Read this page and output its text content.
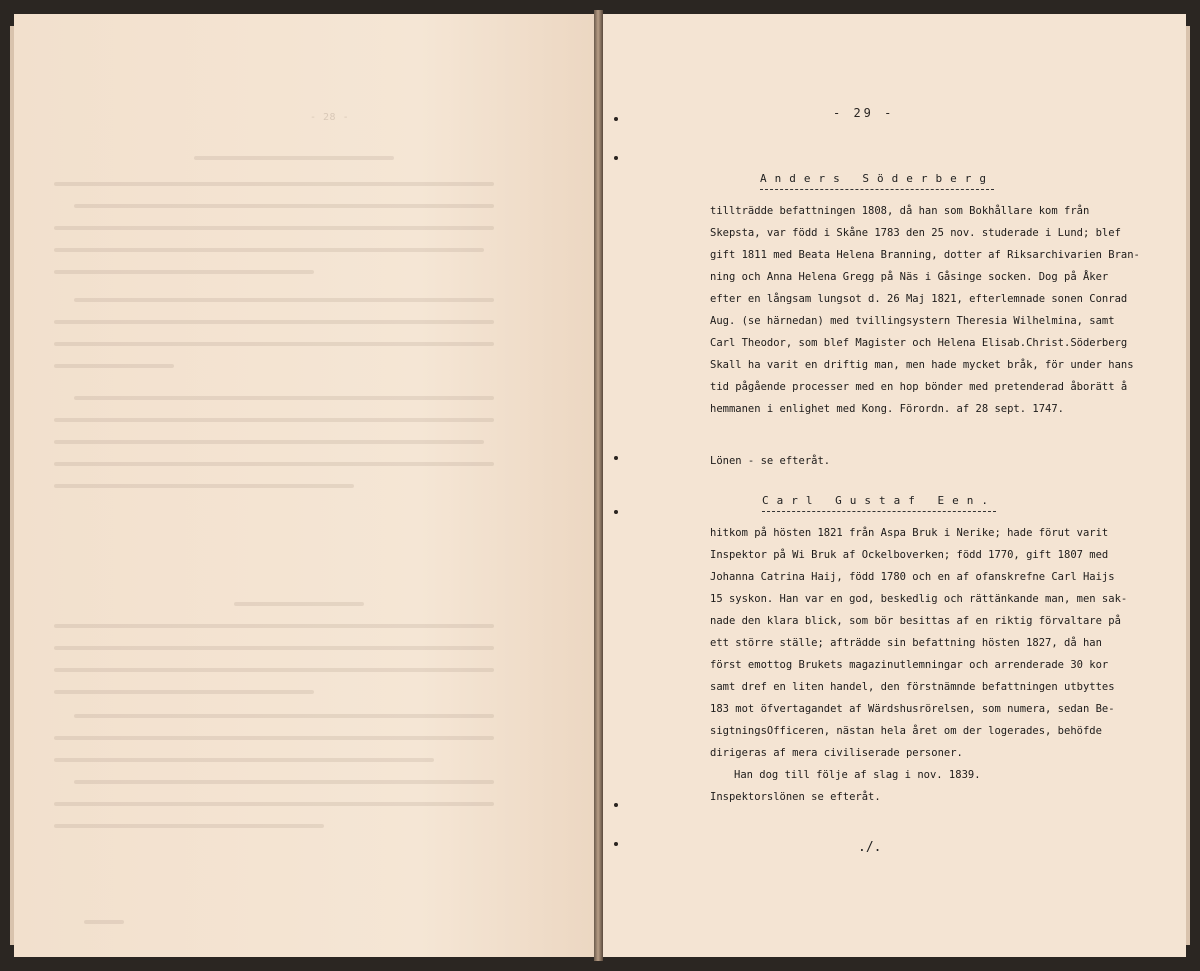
- 28 -	- 29 -
Anders Söderberg
tillträdde befattningen 1808, då han som Bokhållare kom från
Skepsta, var född i Skåne 1783 den 25 nov. studerade i Lund; blef
gift 1811 med Beata Helena Branning, dotter af Riksarchivarien Bran-
ning och Anna Helena Gregg på Näs i Gåsinge socken. Dog på Åker
efter en långsam lungsot d. 26 Maj 1821, efterlemnade sonen Conrad
Aug. (se härnedan) med tvillingsystern Theresia Wilhelmina, samt
Carl Theodor, som blef Magister och Helena Elisab.Christ.Söderberg
Skall ha varit en driftig man, men hade mycket bråk, för under hans
tid pågående processer med en hop bönder med pretenderad åborätt å
hemmanen i enlighet med Kong. Förordn. af 28 sept. 1747.
Lönen - se efteråt.
Carl Gustaf Een.
hitkom på hösten 1821 från Aspa Bruk i Nerike; hade förut varit
Inspektor på Wi Bruk af Ockelboverken; född 1770, gift 1807 med
Johanna Catrina Haij, född 1780 och en af ofanskrefne Carl Haijs
15 syskon. Han var en god, beskedlig och rättänkande man, men sak-
nade den klara blick, som bör besittas af en riktig förvaltare på
ett större ställe; afträdde sin befattning hösten 1827, då han
först emottog Brukets magazinutlemningar och arrenderade 30 kor
samt dref en liten handel, den förstnämnde befattningen utbyttes
183 mot öfvertagandet af Wärdshusrörelsen, som numera, sedan Be-
sigtningsOfficeren, nästan hela året om der logerades, behöfde
dirigeras af mera civiliserade personer.
Han dog till följe af slag i nov. 1839.
Inspektorslönen se efteråt.
./.
